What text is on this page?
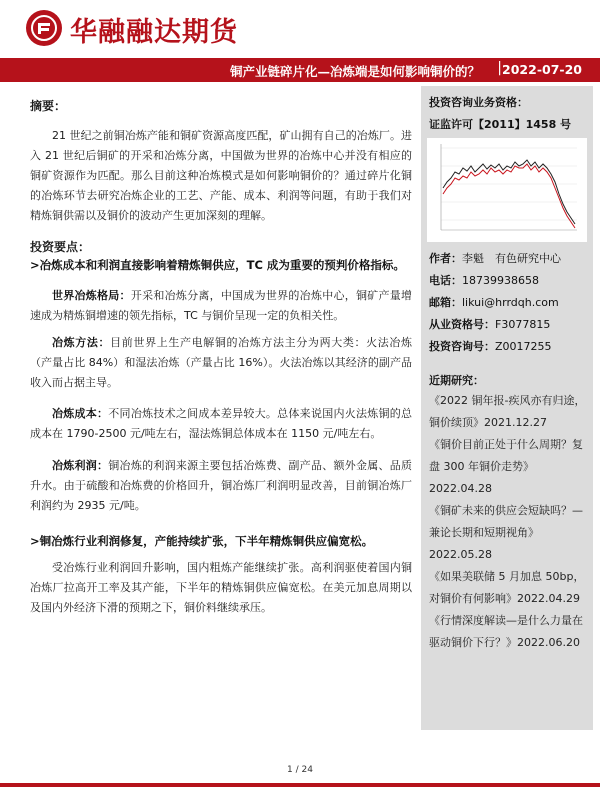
华融融达期货
铜产业链碎片化—冶炼端是如何影响铜价的？ | 2022-07-20
摘要：
21 世纪之前铜冶炼产能和铜矿资源高度匹配，矿山拥有自己的冶炼厂。进入 21 世纪后铜矿的开采和冶炼分离，中国做为世界的冶炼中心并没有相应的铜矿资源作为匹配。那么目前这种冶炼模式是如何影响铜价的？通过碎片化铜的冶炼环节去研究冶炼企业的工艺、产能、成本、利润等问题，有助于我们对精炼铜供需以及铜价的波动产生更加深刻的理解。
投资要点：
>冶炼成本和利润直接影响着精炼铜供应，TC 成为重要的预判价格指标。
世界冶炼格局：开采和冶炼分离，中国成为世界的冶炼中心，铜矿产量增速成为精炼铜增速的领先指标，TC 与铜价呈现一定的负相关性。
冶炼方法：目前世界上生产电解铜的冶炼方法主分为两大类：火法冶炼（产量占比 84%）和湿法冶炼（产量占比 16%）。火法冶炼以其经济的副产品收入而占据主导。
冶炼成本：不同冶炼技术之间成本差异较大。总体来说国内火法炼铜的总成本在 1790-2500 元/吨左右，湿法炼铜总体成本在 1150 元/吨左右。
冶炼利润：铜冶炼的利润来源主要包括冶炼费、副产品、额外金属、品质升水。由于硫酸和冶炼费的价格回升，铜冶炼厂利润明显改善，目前铜冶炼厂利润约为 2935 元/吨。
>铜冶炼行业利润修复，产能持续扩张，下半年精炼铜供应偏宽松。
受冶炼行业利润回升影响，国内粗炼产能继续扩张。高利润驱使着国内铜冶炼厂拉高开工率及其产能，下半年的精炼铜供应偏宽松。在美元加息周期以及国内外经济下滑的预期之下，铜价料继续承压。
投资咨询业务资格：
证监许可【2011】1458 号
作者：李魁　有色研究中心
电话：18739938658
邮箱：likui@hrrdqh.com
从业资格号：F3077815
投资咨询号：Z0017255
近期研究：
《2022 铜年报-疾风亦有归途，铜价续顶》2021.12.27
《铜价目前正处于什么周期？复盘 300 年铜价走势》2022.04.28
《铜矿未来的供应会短缺吗？—兼论长期和短期视角》2022.05.28
《如果美联储 5 月加息 50bp，对铜价有何影响》2022.04.29
《行情深度解读—是什么力量在驱动铜价下行？》2022.06.20
1 / 24
